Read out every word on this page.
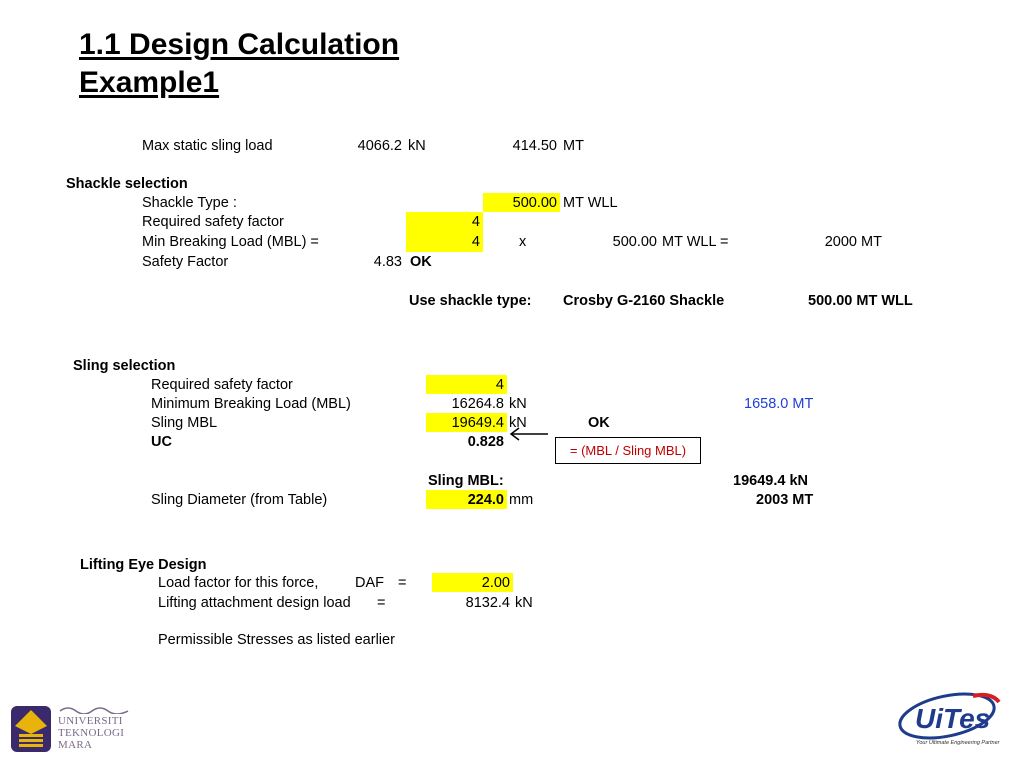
1.1 Design Calculation
Example1
Max static sling load	4066.2 kN	414.50 MT
Shackle selection
Shackle Type :	500.00 MT WLL
Required safety factor	4
Min Breaking Load (MBL) =	4	x	500.00 MT WLL =	2000 MT
Safety Factor	4.83 OK
Use shackle type: Crosby G-2160 Shackle	500.00 MT WLL
Sling selection
Required safety factor	4
Minimum Breaking Load (MBL)	16264.8 kN	1658.0 MT
Sling MBL	19649.4 kN	OK
UC	0.828
= (MBL / Sling MBL)
Sling MBL:	19649.4 kN
Sling Diameter (from Table)	224.0 mm	2003 MT
Lifting Eye Design
Load factor for this force,	DAF =	2.00
Lifting attachment design load =	8132.4 kN
Permissible Stresses as listed earlier
UNIVERSITI
TEKNOLOGI
MARA
UiTes
Your Ultimate Engineering Partner
